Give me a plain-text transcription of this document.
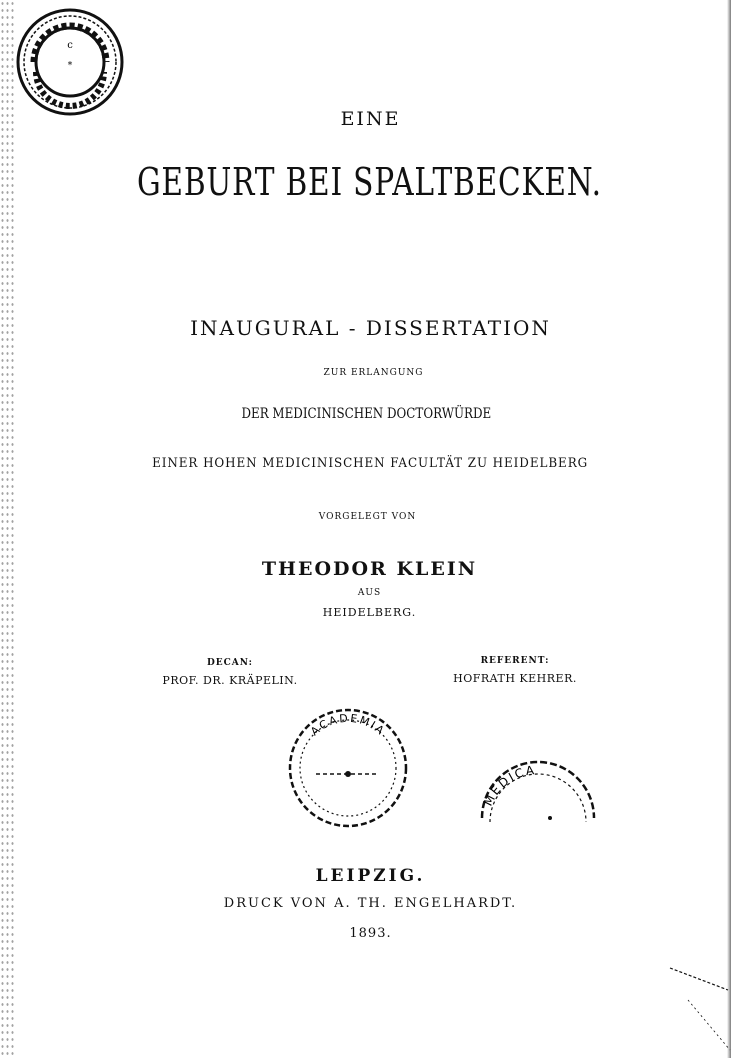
c
*
EINE
GEBURT BEI SPALTBECKEN.
INAUGURAL - DISSERTATION
ZUR ERLANGUNG
DER MEDICINISCHEN DOCTORWÜRDE
EINER HOHEN MEDICINISCHEN FACULTÄT ZU HEIDELBERG
VORGELEGT VON
THEODOR KLEIN
AUS
HEIDELBERG.
DECAN:
PROF. DR. KRÄPELIN.
REFERENT:
HOFRATH KEHRER.
ACADEMIA
MEDICA
LEIPZIG.
DRUCK VON A. TH. ENGELHARDT.
1893.
